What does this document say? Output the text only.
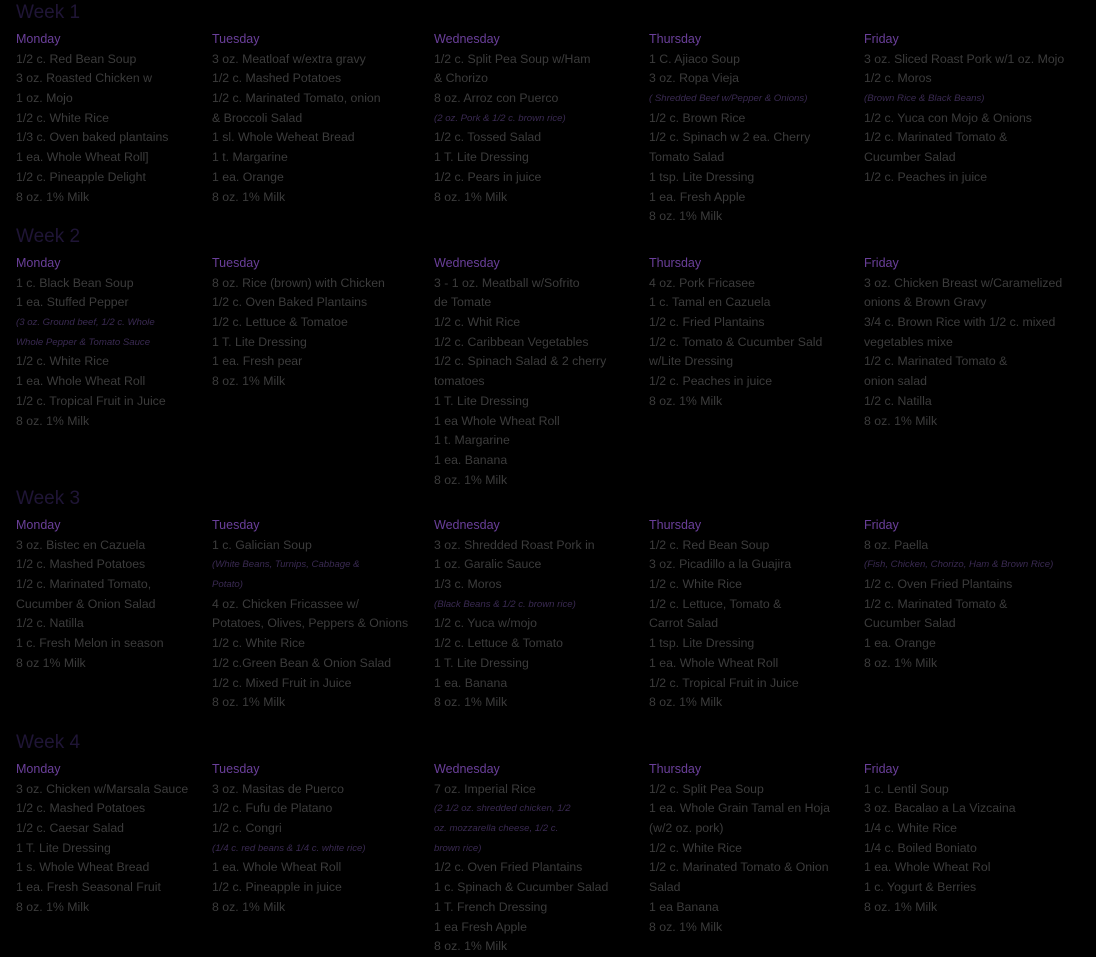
Week 1
Monday
1/2 c. Red Bean Soup
3 oz. Roasted Chicken w
1 oz. Mojo
1/2 c. White Rice
1/3 c. Oven baked plantains
1 ea. Whole Wheat Roll]
1/2 c. Pineapple Delight
8 oz. 1% Milk
Tuesday
3 oz. Meatloaf w/extra gravy
1/2 c. Mashed Potatoes
1/2 c. Marinated Tomato, onion
& Broccoli Salad
1 sl. Whole Weheat Bread
1 t. Margarine
1 ea. Orange
8 oz. 1% Milk
Wednesday
1/2 c. Split Pea Soup w/Ham
& Chorizo
8 oz. Arroz con Puerco
(2 oz. Pork & 1/2 c. brown rice)
1/2 c. Tossed Salad
1 T. Lite Dressing
1/2 c. Pears in juice
8 oz. 1% Milk
Thursday
1 C. Ajiaco Soup
3 oz. Ropa Vieja
( Shredded Beef w/Pepper & Onions)
1/2 c. Brown Rice
1/2 c. Spinach w 2 ea. Cherry
Tomato Salad
1 tsp. Lite Dressing
1 ea. Fresh Apple
8 oz. 1% Milk
Friday
3 oz. Sliced Roast Pork w/1 oz. Mojo
1/2 c. Moros
(Brown Rice & Black Beans)
1/2 c. Yuca con Mojo & Onions
1/2 c. Marinated Tomato &
Cucumber Salad
1/2 c. Peaches in juice
Week 2
Monday
1 c. Black Bean Soup
1 ea. Stuffed Pepper
(3 oz. Ground beef, 1/2 c. Whole
Whole Pepper & Tomato Sauce
1/2 c. White Rice
1 ea. Whole Wheat Roll
1/2 c. Tropical Fruit in Juice
8 oz. 1% Milk
Tuesday
8 oz. Rice (brown) with Chicken
1/2 c. Oven Baked Plantains
1/2 c. Lettuce & Tomatoe
1 T. Lite Dressing
1 ea. Fresh pear
8 oz. 1% Milk
Wednesday
3 - 1 oz. Meatball w/Sofrito
de Tomate
1/2 c. Whit Rice
1/2 c. Caribbean Vegetables
1/2 c. Spinach Salad & 2 cherry
tomatoes
1 T. Lite Dressing
1 ea Whole Wheat Roll
1 t. Margarine
1 ea. Banana
8 oz. 1% Milk
Thursday
4 oz. Pork Fricasee
1 c. Tamal en Cazuela
1/2 c. Fried Plantains
1/2 c. Tomato & Cucumber Sald
w/Lite Dressing
1/2 c. Peaches in juice
8 oz. 1% Milk
Friday
3 oz. Chicken Breast w/Caramelized
onions & Brown Gravy
3/4 c. Brown Rice with 1/2 c. mixed
vegetables mixe
1/2 c. Marinated Tomato &
onion salad
1/2 c. Natilla
8 oz. 1% Milk
Week 3
Monday
3 oz. Bistec en Cazuela
1/2 c. Mashed Potatoes
1/2 c. Marinated Tomato,
Cucumber & Onion Salad
1/2 c. Natilla
1 c. Fresh Melon in season
8 oz 1% Milk
Tuesday
1 c. Galician Soup
(White Beans, Turnips, Cabbage &
Potato)
4 oz. Chicken Fricassee w/
Potatoes, Olives, Peppers & Onions
1/2 c. White Rice
1/2 c.Green Bean & Onion Salad
1/2 c. Mixed Fruit in Juice
8 oz. 1% Milk
Wednesday
3 oz. Shredded Roast Pork in
1 oz. Garalic Sauce
1/3 c. Moros
(Black Beans & 1/2 c. brown rice)
1/2 c. Yuca w/mojo
1/2 c. Lettuce & Tomato
1 T. Lite Dressing
1 ea. Banana
8 oz. 1% Milk
Thursday
1/2 c. Red Bean Soup
3 oz. Picadillo a la Guajira
1/2 c. White Rice
1/2 c. Lettuce, Tomato &
Carrot Salad
1 tsp. Lite Dressing
1 ea. Whole Wheat Roll
1/2 c. Tropical Fruit in Juice
8 oz. 1% Milk
Friday
8 oz. Paella
(Fish, Chicken, Chorizo, Ham & Brown Rice)
1/2 c. Oven Fried Plantains
1/2 c. Marinated Tomato &
Cucumber Salad
1 ea. Orange
8 oz. 1% Milk
Week 4
Monday
3 oz. Chicken w/Marsala Sauce
1/2 c. Mashed Potatoes
1/2 c. Caesar Salad
1 T. Lite Dressing
1 s. Whole Wheat Bread
1 ea. Fresh Seasonal Fruit
8 oz. 1% Milk
Tuesday
3 oz. Masitas de Puerco
1/2 c. Fufu de Platano
1/2 c. Congri
(1/4 c. red beans & 1/4 c. white rice)
1 ea. Whole Wheat Roll
1/2 c. Pineapple in juice
8 oz. 1% Milk
Wednesday
7 oz. Imperial Rice
(2 1/2 oz. shredded chicken, 1/2
oz. mozzarella cheese, 1/2 c.
brown rice)
1/2 c. Oven Fried Plantains
1 c. Spinach & Cucumber Salad
1 T. French Dressing
1 ea Fresh Apple
8 oz. 1% Milk
Thursday
1/2 c. Split Pea Soup
1 ea. Whole Grain Tamal en Hoja
(w/2 oz. pork)
1/2 c. White Rice
1/2 c. Marinated Tomato & Onion
Salad
1 ea Banana
8 oz. 1% Milk
Friday
1 c. Lentil Soup
3 oz. Bacalao a La Vizcaina
1/4 c. White Rice
1/4 c. Boiled Boniato
1 ea. Whole Wheat Rol
1 c. Yogurt & Berries
8 oz. 1% Milk
